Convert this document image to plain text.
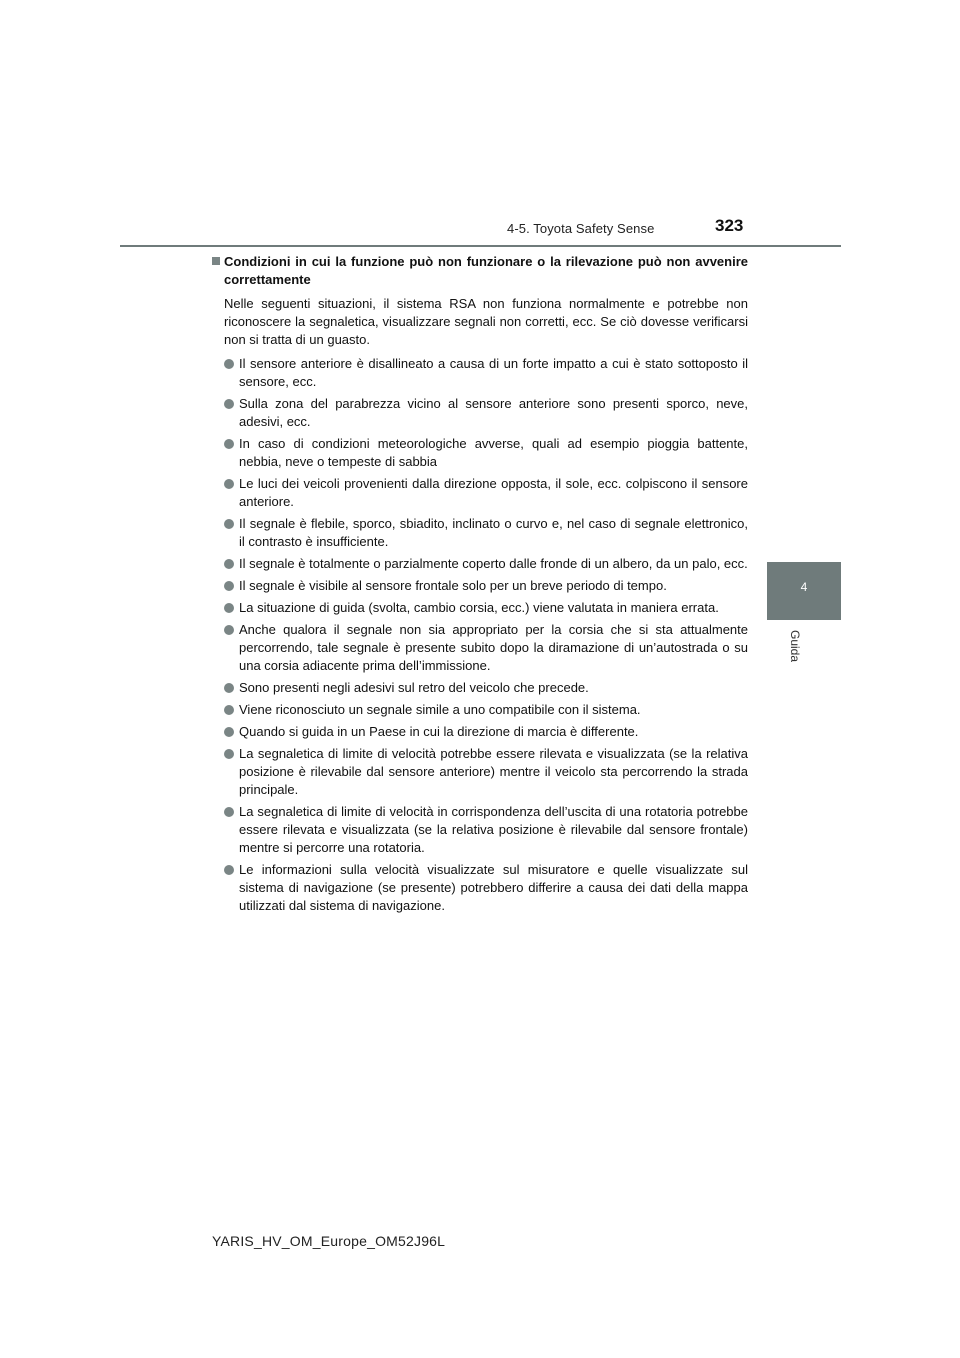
4-5. Toyota Safety Sense	323
4
Guida
Condizioni in cui la funzione può non funzionare o la rilevazione può non avvenire correttamente

Nelle seguenti situazioni, il sistema RSA non funziona normalmente e potrebbe non riconoscere la segnaletica, visualizzare segnali non corretti, ecc. Se ciò dovesse verificarsi non si tratta di un guasto.

Il sensore anteriore è disallineato a causa di un forte impatto a cui è stato sottoposto il sensore, ecc.
Sulla zona del parabrezza vicino al sensore anteriore sono presenti sporco, neve, adesivi, ecc.
In caso di condizioni meteorologiche avverse, quali ad esempio pioggia battente, nebbia, neve o tempeste di sabbia
Le luci dei veicoli provenienti dalla direzione opposta, il sole, ecc. colpiscono il sensore anteriore.
Il segnale è flebile, sporco, sbiadito, inclinato o curvo e, nel caso di segnale elettronico, il contrasto è insufficiente.
Il segnale è totalmente o parzialmente coperto dalle fronde di un albero, da un palo, ecc.
Il segnale è visibile al sensore frontale solo per un breve periodo di tempo.
La situazione di guida (svolta, cambio corsia, ecc.) viene valutata in maniera errata.
Anche qualora il segnale non sia appropriato per la corsia che si sta attualmente percorrendo, tale segnale è presente subito dopo la diramazione di un’autostrada o su una corsia adiacente prima dell’immissione.
Sono presenti negli adesivi sul retro del veicolo che precede.
Viene riconosciuto un segnale simile a uno compatibile con il sistema.
Quando si guida in un Paese in cui la direzione di marcia è differente.
La segnaletica di limite di velocità potrebbe essere rilevata e visualizzata (se la relativa posizione è rilevabile dal sensore anteriore) mentre il veicolo sta percorrendo la strada principale.
La segnaletica di limite di velocità in corrispondenza dell’uscita di una rotatoria potrebbe essere rilevata e visualizzata (se la relativa posizione è rilevabile dal sensore frontale) mentre si percorre una rotatoria.
Le informazioni sulla velocità visualizzate sul misuratore e quelle visualizzate sul sistema di navigazione (se presente) potrebbero differire a causa dei dati della mappa utilizzati dal sistema di navigazione.
YARIS_HV_OM_Europe_OM52J96L
